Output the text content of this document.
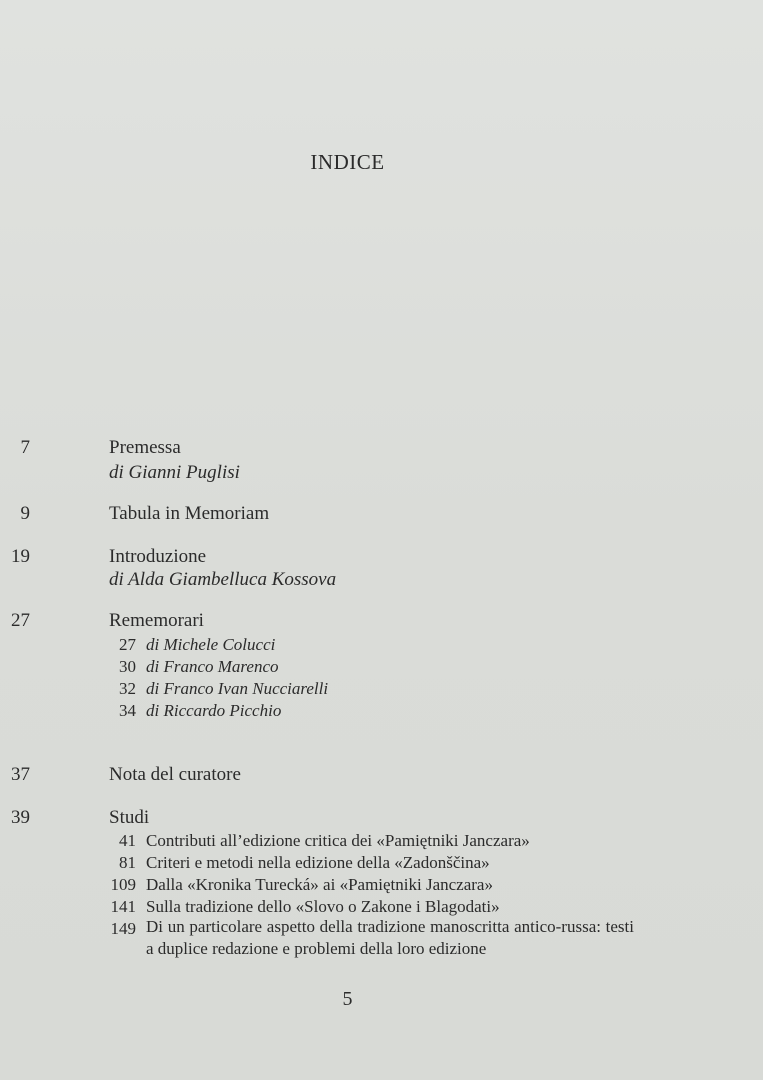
INDICE
7	Premessa
di Gianni Puglisi
9	Tabula in Memoriam
19	Introduzione
di Alda Giambelluca Kossova
27	Rememorari
27 di Michele Colucci
30 di Franco Marenco
32 di Franco Ivan Nucciarelli
34 di Riccardo Picchio
37	Nota del curatore
39	Studi
41 Contributi all’edizione critica dei «Pamiętniki Janczara»
81 Criteri e metodi nella edizione della «Zadonščina»
109 Dalla «Kronika Turecká» ai «Pamiętniki Janczara»
141 Sulla tradizione dello «Slovo o Zakone i Blagodati»
149 Di un particolare aspetto della tradizione manoscritta antico-russa: testi a duplice redazione e problemi della loro edizione
5
